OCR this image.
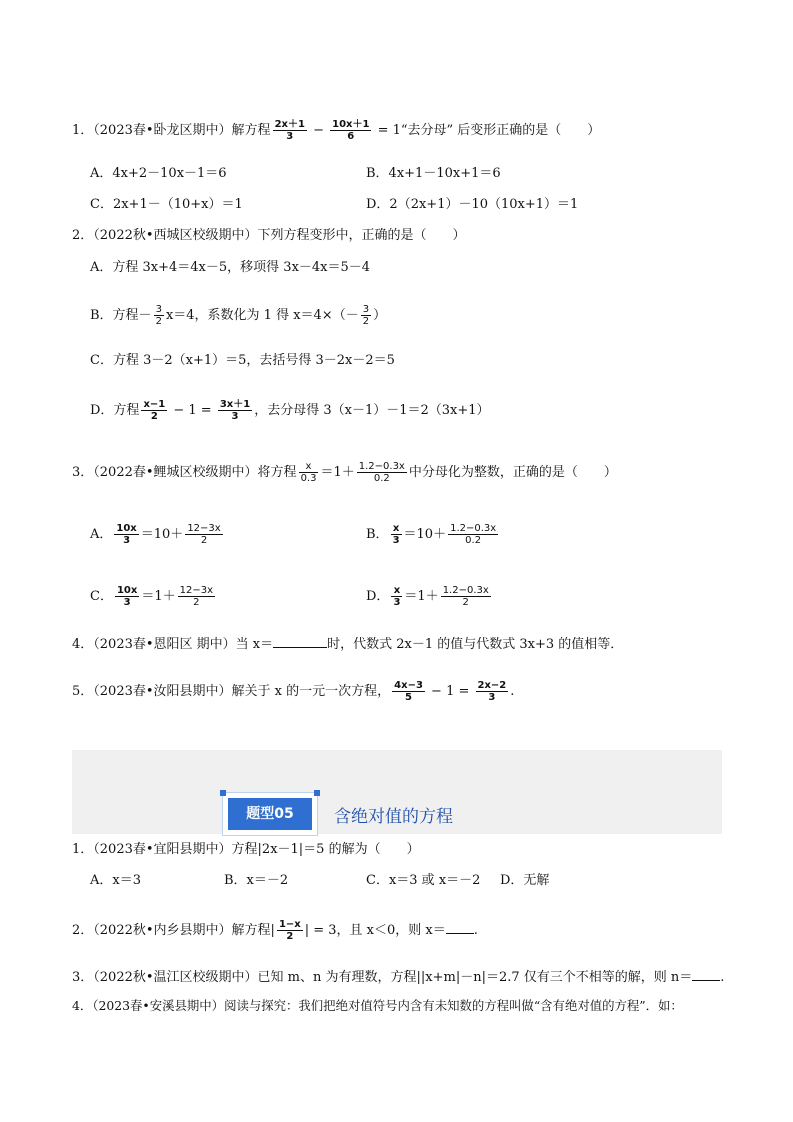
1．（2023春•卧龙区期中）解方程 $\frac{2x+1}{3} - \frac{10x+1}{6}$ = 1“去分母” 后变形正确的是（　　）
A．4x+2－10x－1＝6	B．4x+1－10x+1＝6
C．2x+1－（10+x）＝1	D．2（2x+1）－10（10x+1）＝1
2．（2022秋•西城区校级期中）下列方程变形中，正确的是（　　）
A．方程 3x+4＝4x－5，移项得 3x－4x＝5－4
B．方程－ $\frac{3}{2} x=4$，系数化为 1 得 $x=4\times(- \frac{3}{2}$ ）
C．方程 3－2（x+1）＝5，去括号得 3－2x－2＝5
D．方程 $\frac{x-1}{2} - 1 = \frac{3x+1}{3}$ ，去分母得 3（x－1）－1＝2（3x+1）
3．（2022春•鲤城区校级期中）将方程 $\frac{x}{0.3} =1+ \frac{1.2-0.3x}{0.2}$ 中分母化为整数，正确的是（　　）
A． $\frac{10x}{3} =10+ \frac{12-3x}{2}$	B． $\frac{x}{3} =10+ \frac{1.2-0.3x}{0.2}$
C． $\frac{10x}{3} =1+ \frac{12-3x}{2}$	D． $\frac{x}{3} =1+ \frac{1.2-0.3x}{2}$
4．（2023春•恩阳区 期中）当 x＝	时，代数式 2x－1 的值与代数式 3x+3 的值相等．
5．（2023春•汝阳县期中）解关于 x 的一元一次方程， $\frac{4x-3}{5} - 1 = \frac{2x-2}{3}$ .
题型05	含绝对值的方程
1．（2023春•宜阳县期中）方程|2x－1|＝5 的解为（　　）
A．x＝3	B．x＝－2	C．x＝3 或 x＝－2 D．无解
2．（2022秋•内乡县期中）解方程| $\frac{1-x}{2}$ | = 3，且 x＜0，则 x＝ .
3．（2022秋•温江区校级期中）已知 m、n 为有理数，方程||x+m|－n|＝2.7 仅有三个不相等的解，则 n＝ .
4．（2023春•安溪县期中）阅读与探究：我们把绝对值符号内含有未知数的方程叫做“含有绝对值的方程”．如：
